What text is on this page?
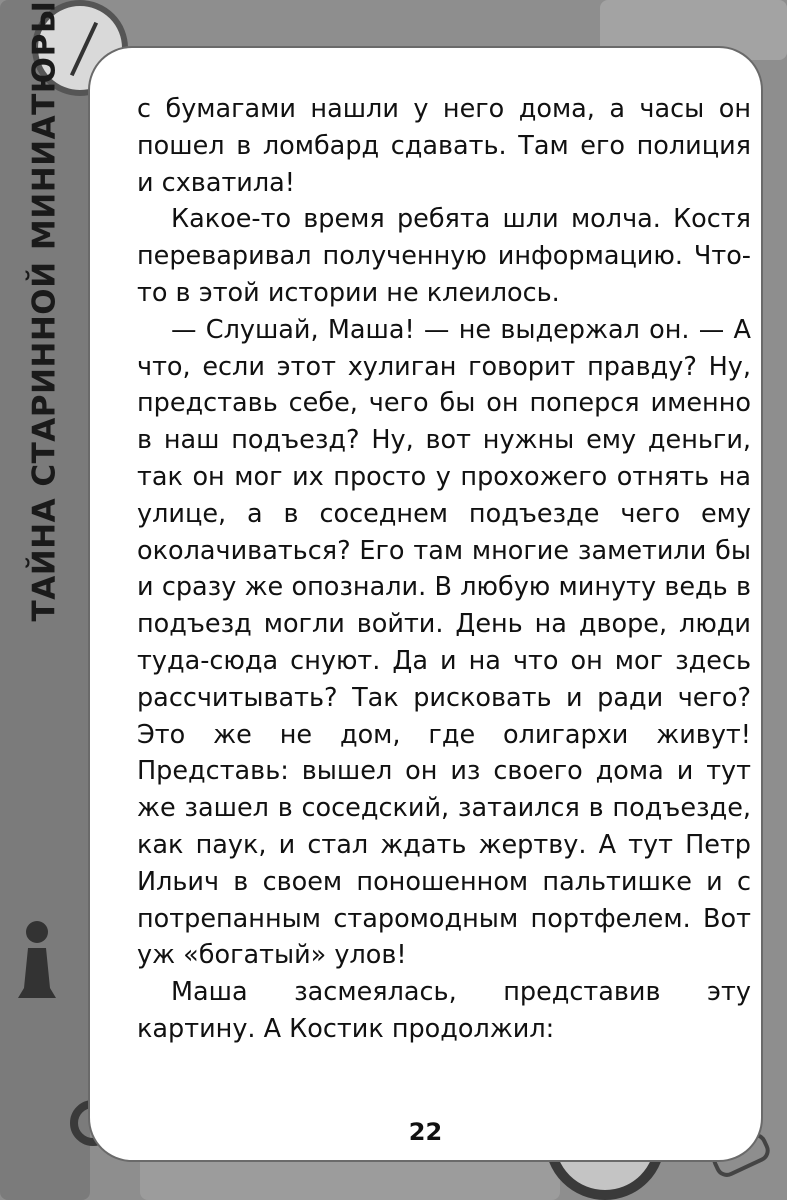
ТАЙНА СТАРИННОЙ МИНИАТЮРЫ	с бумагами нашли у него дома, а часы он пошел в ломбард сдавать. Там его полиция и схватила!

Какое-то время ребята шли молча. Костя переваривал полученную информацию. Что-то в этой истории не клеилось.

— Слушай, Маша! — не выдержал он. — А что, если этот хулиган говорит правду? Ну, представь себе, чего бы он поперся именно в наш подъезд? Ну, вот нужны ему деньги, так он мог их просто у прохожего отнять на улице, а в соседнем подъезде чего ему околачиваться? Его там многие заметили бы и сразу же опознали. В любую минуту ведь в подъезд могли войти. День на дворе, люди туда-сюда снуют. Да и на что он мог здесь рассчитывать? Так рисковать и ради чего? Это же не дом, где олигархи живут! Представь: вышел он из своего дома и тут же зашел в соседский, затаился в подъезде, как паук, и стал ждать жертву. А тут Петр Ильич в своем поношенном пальтишке и с потрепанным старомодным портфелем. Вот уж «богатый» улов!

Маша засмеялась, представив эту картину. А Костик продолжил:

22
